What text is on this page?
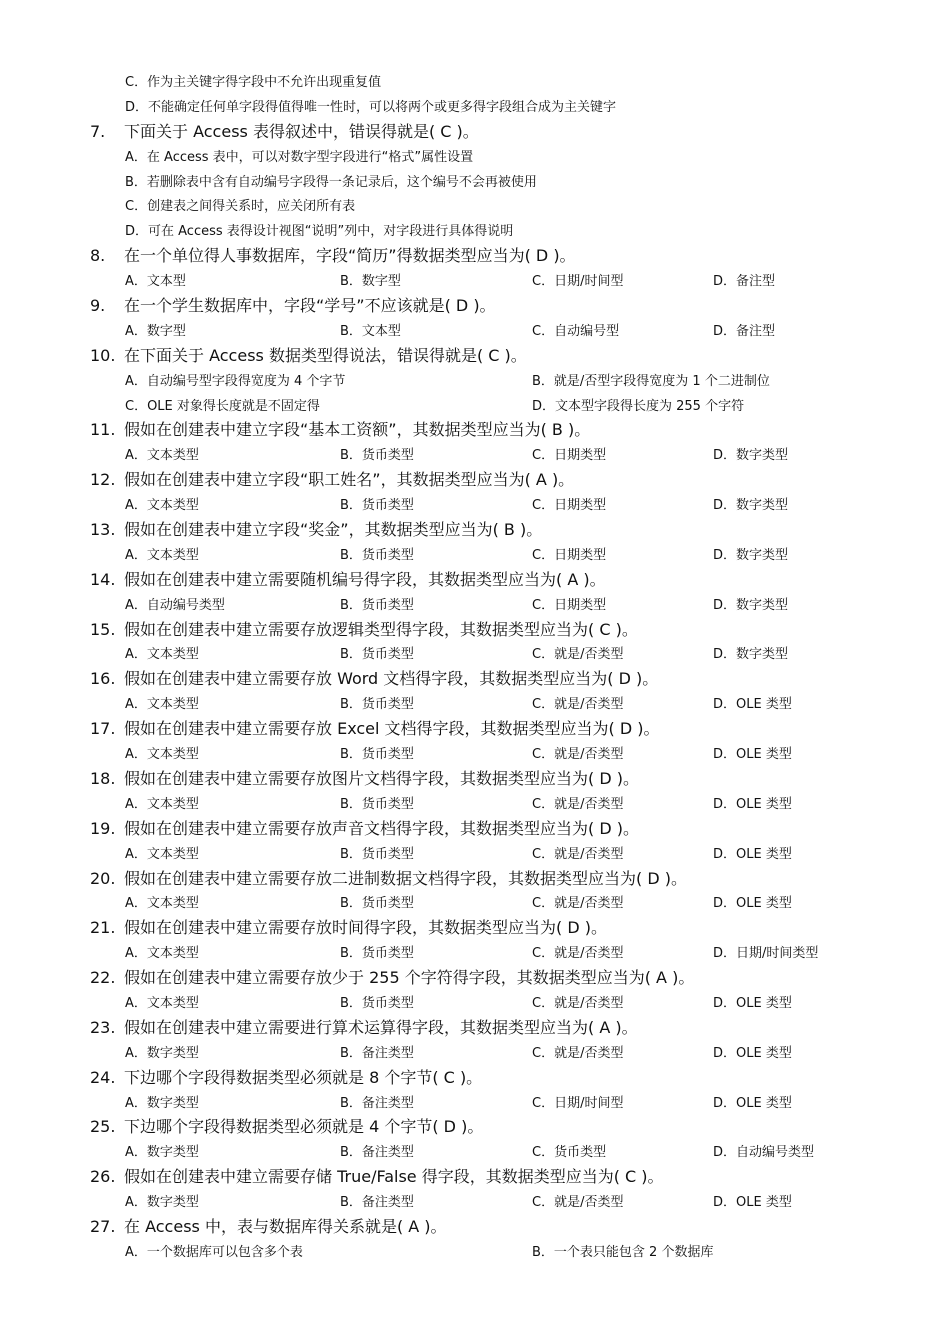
C．作为主关键字得字段中不允许出现重复值
D．不能确定任何单字段得值得唯一性时，可以将两个或更多得字段组合成为主关键字
7. 下面关于 Access 表得叙述中，错误得就是( C )。
A．在 Access 表中，可以对数字型字段进行“格式”属性设置
B．若删除表中含有自动编号字段得一条记录后，这个编号不会再被使用
C．创建表之间得关系时，应关闭所有表
D．可在 Access 表得设计视图“说明”列中，对字段进行具体得说明
8. 在一个单位得人事数据库，字段“简历”得数据类型应当为( D )。
A．文本型	B．数字型	C．日期/时间型	D．备注型
9. 在一个学生数据库中，字段“学号”不应该就是( D )。
A．数字型	B．文本型	C．自动编号型	D．备注型
10. 在下面关于 Access 数据类型得说法，错误得就是( C )。
A．自动编号型字段得宽度为 4 个字节	B．就是/否型字段得宽度为 1 个二进制位
C．OLE 对象得长度就是不固定得	D．文本型字段得长度为 255 个字符
11. 假如在创建表中建立字段“基本工资额”，其数据类型应当为( B )。
A．文本类型	B．货币类型	C．日期类型	D．数字类型
12. 假如在创建表中建立字段“职工姓名”，其数据类型应当为( A )。
A．文本类型	B．货币类型	C．日期类型	D．数字类型
13. 假如在创建表中建立字段“奖金”，其数据类型应当为( B )。
A．文本类型	B．货币类型	C．日期类型	D．数字类型
14. 假如在创建表中建立需要随机编号得字段，其数据类型应当为( A )。
A．自动编号类型	B．货币类型	C．日期类型	D．数字类型
15. 假如在创建表中建立需要存放逻辑类型得字段，其数据类型应当为( C )。
A．文本类型	B．货币类型	C．就是/否类型	D．数字类型
16. 假如在创建表中建立需要存放 Word 文档得字段，其数据类型应当为( D )。
A．文本类型	B．货币类型	C．就是/否类型	D．OLE 类型
17. 假如在创建表中建立需要存放 Excel 文档得字段，其数据类型应当为( D )。
A．文本类型	B．货币类型	C．就是/否类型	D．OLE 类型
18. 假如在创建表中建立需要存放图片文档得字段，其数据类型应当为( D )。
A．文本类型	B．货币类型	C．就是/否类型	D．OLE 类型
19. 假如在创建表中建立需要存放声音文档得字段，其数据类型应当为( D )。
A．文本类型	B．货币类型	C．就是/否类型	D．OLE 类型
20. 假如在创建表中建立需要存放二进制数据文档得字段，其数据类型应当为( D )。
A．文本类型	B．货币类型	C．就是/否类型	D．OLE 类型
21. 假如在创建表中建立需要存放时间得字段，其数据类型应当为( D )。
A．文本类型	B．货币类型	C．就是/否类型	D．日期/时间类型
22. 假如在创建表中建立需要存放少于 255 个字符得字段，其数据类型应当为( A )。
A．文本类型	B．货币类型	C．就是/否类型	D．OLE 类型
23. 假如在创建表中建立需要进行算术运算得字段，其数据类型应当为( A )。
A．数字类型	B．备注类型	C．就是/否类型	D．OLE 类型
24. 下边哪个字段得数据类型必须就是 8 个字节( C )。
A．数字类型	B．备注类型	C．日期/时间型	D．OLE 类型
25. 下边哪个字段得数据类型必须就是 4 个字节( D )。
A．数字类型	B．备注类型	C．货币类型	D．自动编号类型
26. 假如在创建表中建立需要存储 True/False 得字段，其数据类型应当为( C )。
A．数字类型	B．备注类型	C．就是/否类型	D．OLE 类型
27. 在 Access 中，表与数据库得关系就是( A )。
A．一个数据库可以包含多个表	B．一个表只能包含 2 个数据库
